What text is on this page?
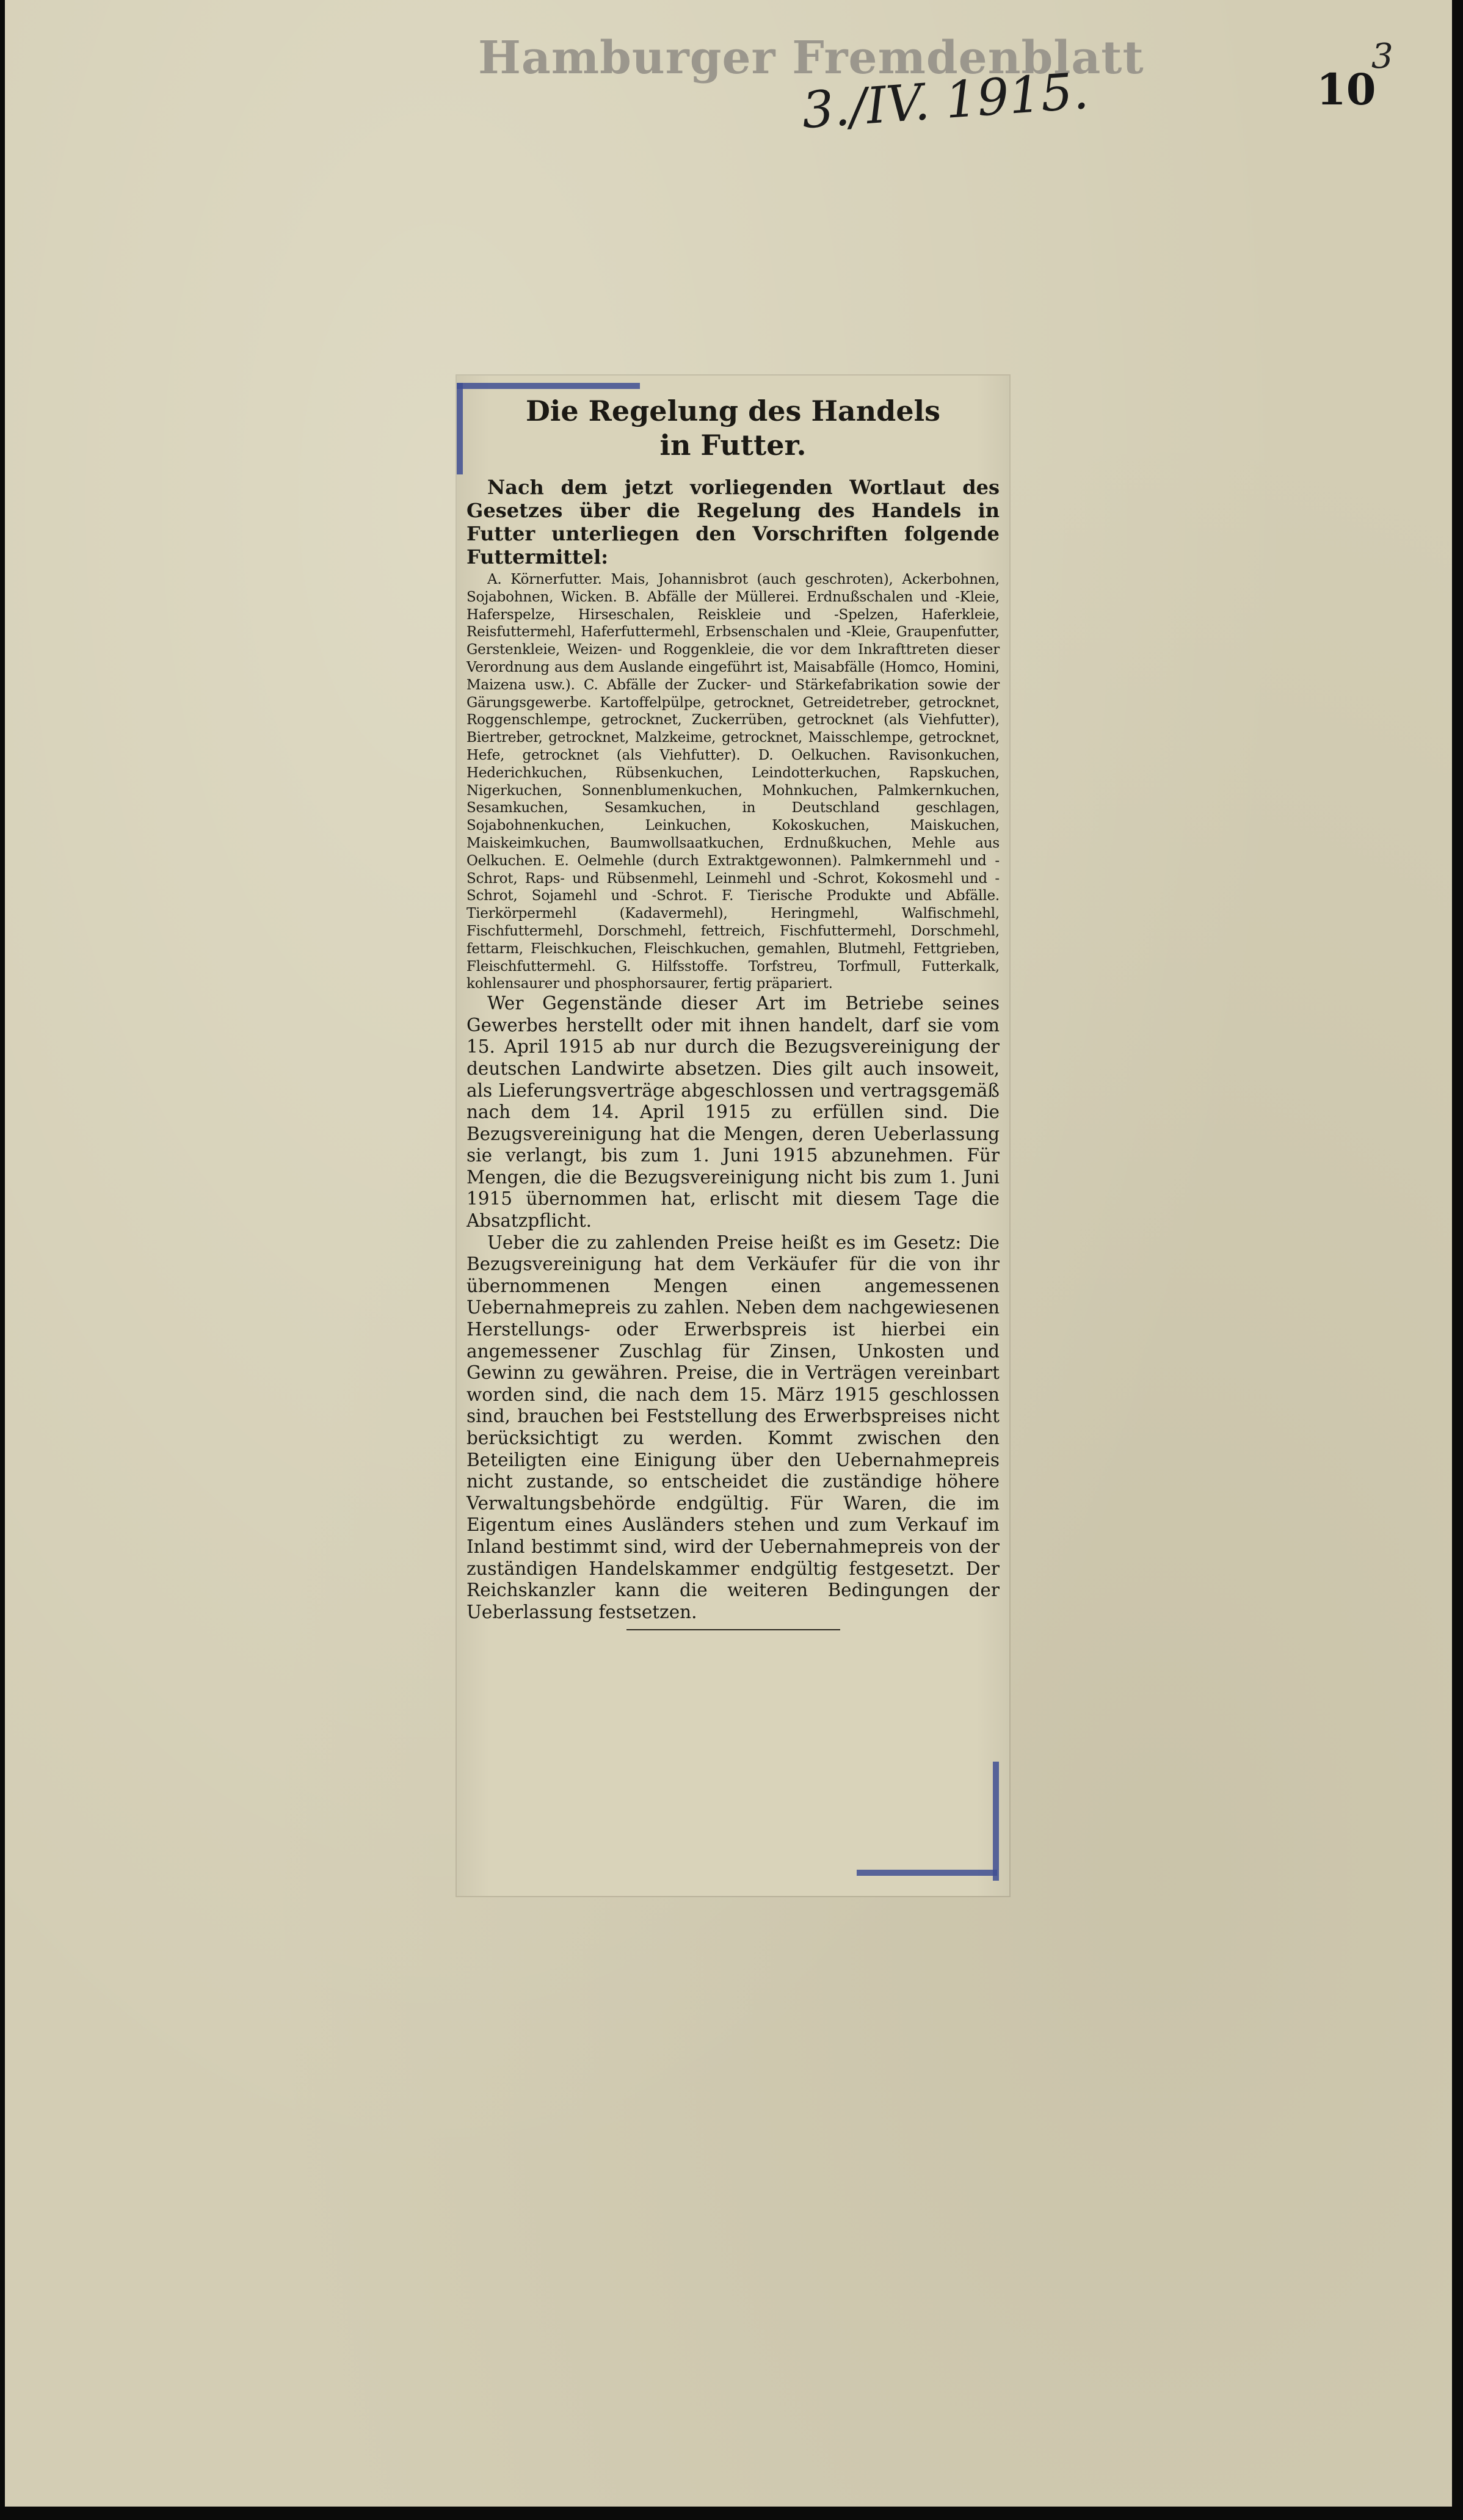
Hamburger Fremdenblatt
3./IV. 1915.
3
10
Die Regelung des Handels
in Futter.

Nach dem jetzt vorliegenden Wortlaut des Gesetzes über die Regelung des Handels in Futter unterliegen den Vorschriften folgende Futtermittel:

A. Körnerfutter. Mais, Johannisbrot (auch geschroten), Ackerbohnen, Sojabohnen, Wicken. B. Abfälle der Müllerei. Erdnußschalen und -Kleie, Haferspelze, Hirseschalen, Reiskleie und -Spelzen, Haferkleie, Reisfuttermehl, Haferfuttermehl, Erbsenschalen und -Kleie, Graupenfutter, Gerstenkleie, Weizen- und Roggenkleie, die vor dem Inkrafttreten dieser Verordnung aus dem Auslande eingeführt ist, Maisabfälle (Homco, Homini, Maizena usw.). C. Abfälle der Zucker- und Stärkefabrikation sowie der Gärungsgewerbe. Kartoffelpülpe, getrocknet, Getreidetreber, getrocknet, Roggenschlempe, getrocknet, Zuckerrüben, getrocknet (als Viehfutter), Biertreber, getrocknet, Malzkeime, getrocknet, Maisschlempe, getrocknet, Hefe, getrocknet (als Viehfutter). D. Oelkuchen. Ravisonkuchen, Hederichkuchen, Rübsenkuchen, Leindotterkuchen, Rapskuchen, Nigerkuchen, Sonnenblumenkuchen, Mohnkuchen, Palmkernkuchen, Sesamkuchen, Sesamkuchen, in Deutschland geschlagen, Sojabohnenkuchen, Leinkuchen, Kokoskuchen, Maiskuchen, Maiskeimkuchen, Baumwollsaatkuchen, Erdnußkuchen, Mehle aus Oelkuchen. E. Oelmehle (durch Extraktgewonnen). Palmkernmehl und -Schrot, Raps- und Rübsenmehl, Leinmehl und -Schrot, Kokosmehl und -Schrot, Sojamehl und -Schrot. F. Tierische Produkte und Abfälle. Tierkörpermehl (Kadavermehl), Heringmehl, Walfischmehl, Fischfuttermehl, Dorschmehl, fettreich, Fischfuttermehl, Dorschmehl, fettarm, Fleischkuchen, Fleischkuchen, gemahlen, Blutmehl, Fettgrieben, Fleischfuttermehl. G. Hilfsstoffe. Torfstreu, Torfmull, Futterkalk, kohlensaurer und phosphorsaurer, fertig präpariert.

Wer Gegenstände dieser Art im Betriebe seines Gewerbes herstellt oder mit ihnen handelt, darf sie vom 15. April 1915 ab nur durch die Bezugsvereinigung der deutschen Landwirte absetzen. Dies gilt auch insoweit, als Lieferungsverträge abgeschlossen und vertragsgemäß nach dem 14. April 1915 zu erfüllen sind. Die Bezugsvereinigung hat die Mengen, deren Ueberlassung sie verlangt, bis zum 1. Juni 1915 abzunehmen. Für Mengen, die die Bezugsvereinigung nicht bis zum 1. Juni 1915 übernommen hat, erlischt mit diesem Tage die Absatzpflicht.

Ueber die zu zahlenden Preise heißt es im Gesetz: Die Bezugsvereinigung hat dem Verkäufer für die von ihr übernommenen Mengen einen angemessenen Uebernahmepreis zu zahlen. Neben dem nachgewiesenen Herstellungs- oder Erwerbspreis ist hierbei ein angemessener Zuschlag für Zinsen, Unkosten und Gewinn zu gewähren. Preise, die in Verträgen vereinbart worden sind, die nach dem 15. März 1915 geschlossen sind, brauchen bei Feststellung des Erwerbspreises nicht berücksichtigt zu werden. Kommt zwischen den Beteiligten eine Einigung über den Uebernahmepreis nicht zustande, so entscheidet die zuständige höhere Verwaltungsbehörde endgültig. Für Waren, die im Eigentum eines Ausländers stehen und zum Verkauf im Inland bestimmt sind, wird der Uebernahmepreis von der zuständigen Handelskammer endgültig festgesetzt. Der Reichskanzler kann die weiteren Bedingungen der Ueberlassung festsetzen.
